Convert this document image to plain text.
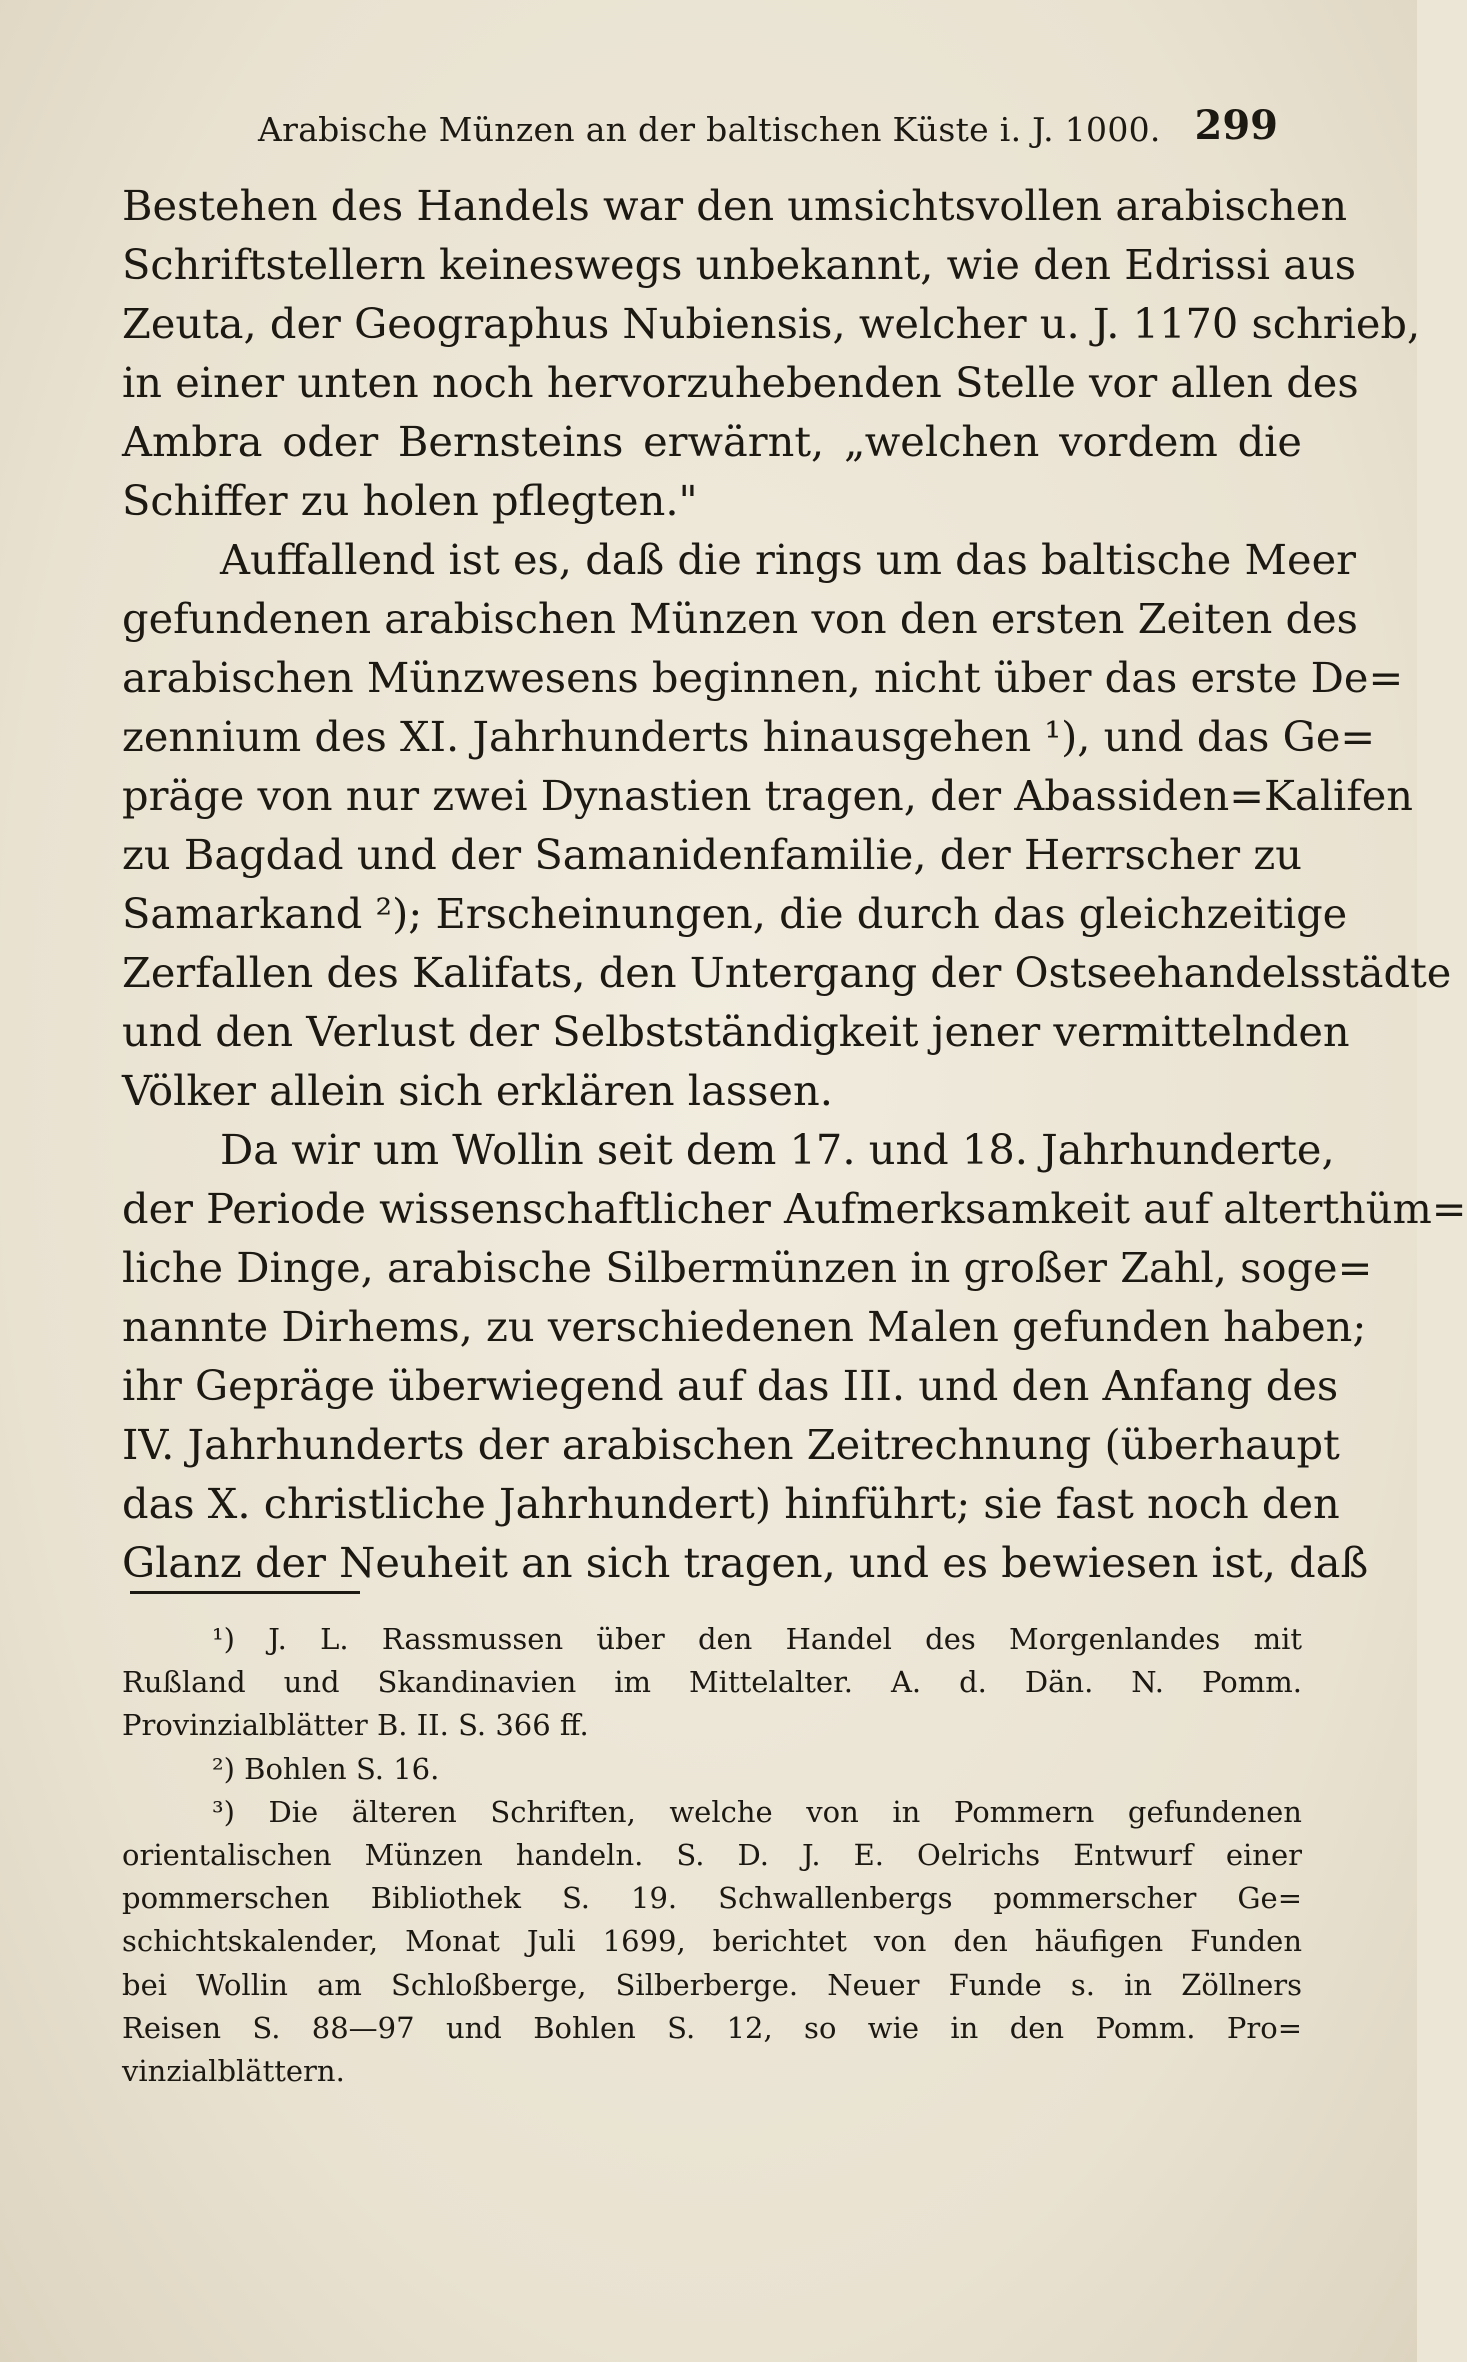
Arabische Münzen an der baltischen Küste i. J. 1000. 299
Bestehen des Handels war den umsichtsvollen arabischen
Schriftstellern keineswegs unbekannt, wie den Edrissi aus
Zeuta, der Geographus Nubiensis, welcher u. J. 1170 schrieb,
in einer unten noch hervorzuhebenden Stelle vor allen des
Ambra oder Bernsteins erwärnt, „welchen vordem die
Schiffer zu holen pflegten."
Auffallend ist es, daß die rings um das baltische Meer
gefundenen arabischen Münzen von den ersten Zeiten des
arabischen Münzwesens beginnen, nicht über das erste De=
zennium des XI. Jahrhunderts hinausgehen ¹), und das Ge=
präge von nur zwei Dynastien tragen, der Abassiden=Kalifen
zu Bagdad und der Samanidenfamilie, der Herrscher zu
Samarkand ²); Erscheinungen, die durch das gleichzeitige
Zerfallen des Kalifats, den Untergang der Ostseehandelsstädte
und den Verlust der Selbstständigkeit jener vermittelnden
Völker allein sich erklären lassen.
Da wir um Wollin seit dem 17. und 18. Jahrhunderte,
der Periode wissenschaftlicher Aufmerksamkeit auf alterthüm=
liche Dinge, arabische Silbermünzen in großer Zahl, soge=
nannte Dirhems, zu verschiedenen Malen gefunden haben;
ihr Gepräge überwiegend auf das III. und den Anfang des
IV. Jahrhunderts der arabischen Zeitrechnung (überhaupt
das X. christliche Jahrhundert) hinführt; sie fast noch den
Glanz der Neuheit an sich tragen, und es bewiesen ist, daß
¹) J. L. Rassmussen über den Handel des Morgenlandes mit
Rußland und Skandinavien im Mittelalter. A. d. Dän. N. Pomm.
Provinzialblätter B. II. S. 366 ff.
²) Bohlen S. 16.
³) Die älteren Schriften, welche von in Pommern gefundenen
orientalischen Münzen handeln. S. D. J. E. Oelrichs Entwurf einer
pommerschen Bibliothek S. 19. Schwallenbergs pommerscher Ge=
schichtskalender, Monat Juli 1699, berichtet von den häufigen Funden
bei Wollin am Schloßberge, Silberberge. Neuer Funde s. in Zöllners
Reisen S. 88—97 und Bohlen S. 12, so wie in den Pomm. Pro=
vinzialblättern.
